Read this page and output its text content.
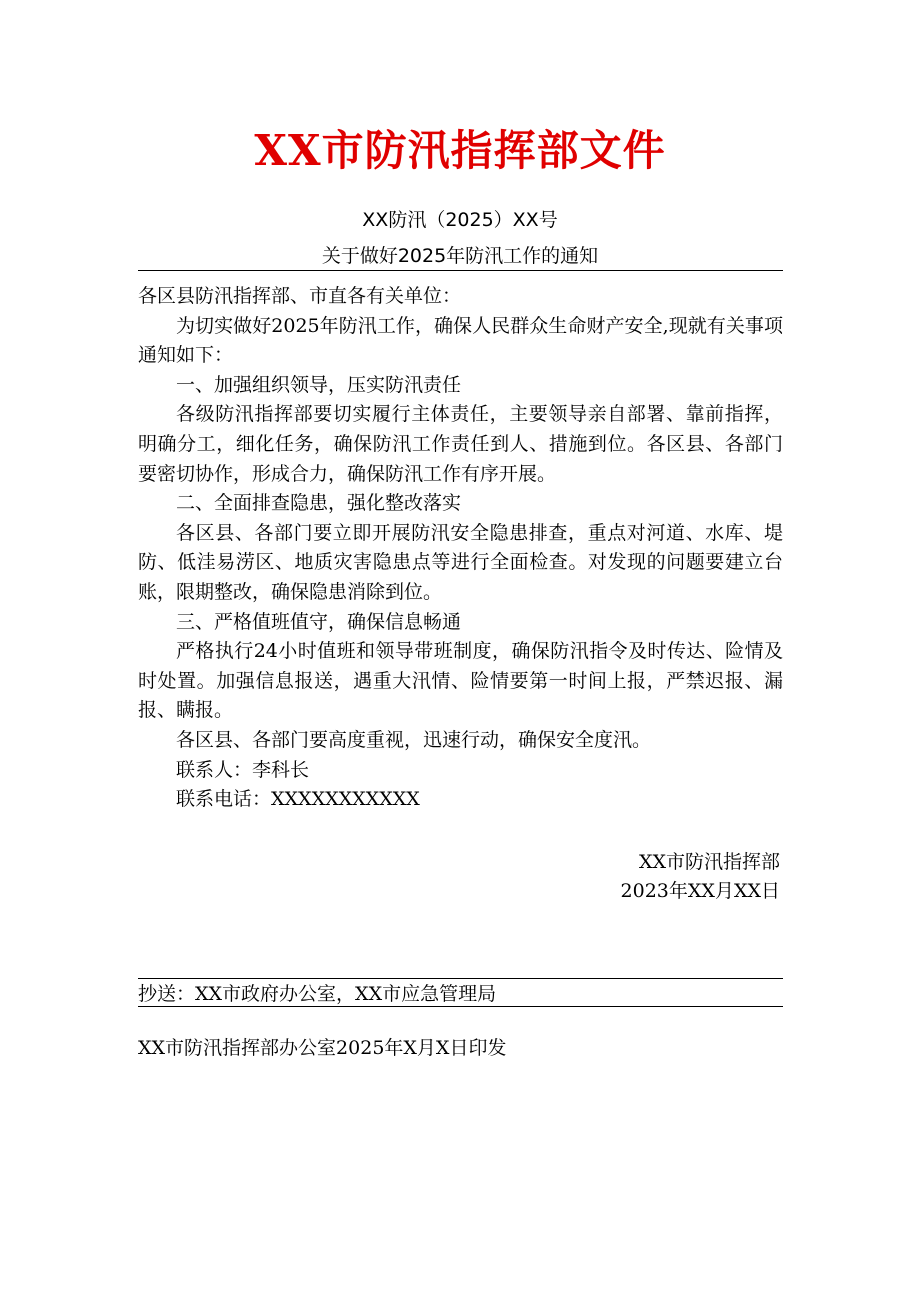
XX市防汛指挥部文件
XX防汛（2025）XX号
关于做好2025年防汛工作的通知

各区县防汛指挥部、市直各有关单位：

为切实做好2025年防汛工作，确保人民群众生命财产安全,现就有关事项通知如下：

一、加强组织领导，压实防汛责任

各级防汛指挥部要切实履行主体责任，主要领导亲自部署、靠前指挥，明确分工，细化任务，确保防汛工作责任到人、措施到位。各区县、各部门要密切协作，形成合力，确保防汛工作有序开展。

二、全面排查隐患，强化整改落实

各区县、各部门要立即开展防汛安全隐患排查，重点对河道、水库、堤防、低洼易涝区、地质灾害隐患点等进行全面检查。对发现的问题要建立台账，限期整改，确保隐患消除到位。

三、严格值班值守，确保信息畅通

严格执行24小时值班和领导带班制度，确保防汛指令及时传达、险情及时处置。加强信息报送，遇重大汛情、险情要第一时间上报，严禁迟报、漏报、瞒报。

各区县、各部门要高度重视，迅速行动，确保安全度汛。

联系人：李科长

联系电话：XXXXXXXXXXX

XX市防汛指挥部
2023年XX月XX日
抄送：XX市政府办公室，XX市应急管理局
XX市防汛指挥部办公室2025年X月X日印发
